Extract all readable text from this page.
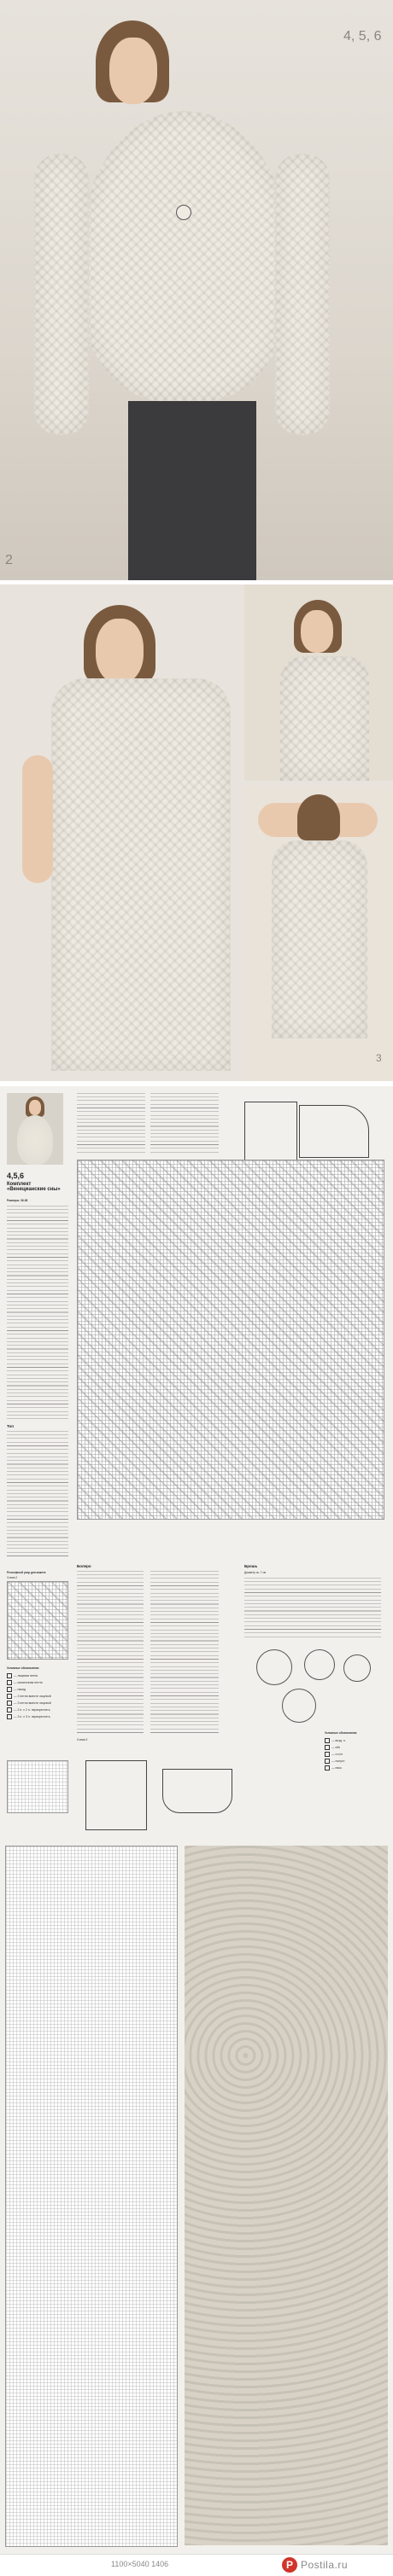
4, 5, 6
2
3
4,5,6
Комплект «Венецианские сны»
Размеры: 36-38
Топ
Рельефный узор для жакета
Схема 2
Условные обозначения:
— лицевая петля
— изнаночная петля
— накид
— 2 петли вместе лицевой
— 3 петли вместе лицевой
— 2 п. с 2 п. перекрестить
— 3 п. с 3 п. перекрестить
Болеро	Брошь
Диаметр ок. 7 см
Условные обозначения:
— возд. п.
— сбн
— ст.с/н
— полуст.
— пико
Схема 3
1100×5040 1406	P Postila.ru
